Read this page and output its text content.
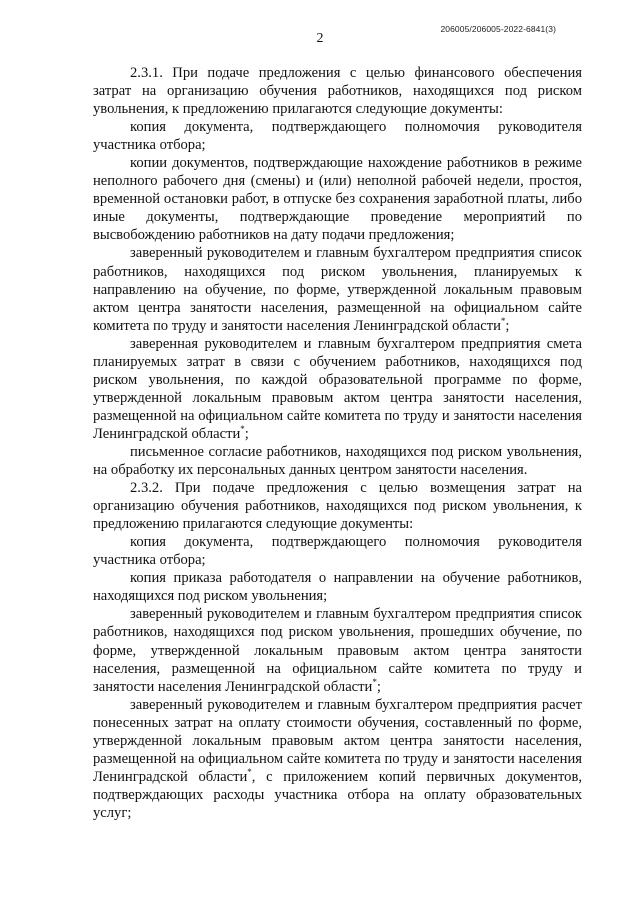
206005/206005-2022-6841(3)
2

2.3.1. При подаче предложения с целью финансового обеспечения затрат на организацию обучения работников, находящихся под риском увольнения, к предложению прилагаются следующие документы:

копия документа, подтверждающего полномочия руководителя участника отбора;

копии документов, подтверждающие нахождение работников в режиме неполного рабочего дня (смены) и (или) неполной рабочей недели, простоя, временной остановки работ, в отпуске без сохранения заработной платы, либо иные документы, подтверждающие проведение мероприятий по высвобождению работников на дату подачи предложения;

заверенный руководителем и главным бухгалтером предприятия список работников, находящихся под риском увольнения, планируемых к направлению на обучение, по форме, утвержденной локальным правовым актом центра занятости населения, размещенной на официальном сайте комитета по труду и занятости населения Ленинградской области*;

заверенная руководителем и главным бухгалтером предприятия смета планируемых затрат в связи с обучением работников, находящихся под риском увольнения, по каждой образовательной программе по форме, утвержденной локальным правовым актом центра занятости населения, размещенной на официальном сайте комитета по труду и занятости населения Ленинградской области*;

письменное согласие работников, находящихся под риском увольнения, на обработку их персональных данных центром занятости населения.

2.3.2. При подаче предложения с целью возмещения затрат на организацию обучения работников, находящихся под риском увольнения, к предложению прилагаются следующие документы:

копия документа, подтверждающего полномочия руководителя участника отбора;

копия приказа работодателя о направлении на обучение работников, находящихся под риском увольнения;

заверенный руководителем и главным бухгалтером предприятия список работников, находящихся под риском увольнения, прошедших обучение, по форме, утвержденной локальным правовым актом центра занятости населения, размещенной на официальном сайте комитета по труду и занятости населения Ленинградской области*;

заверенный руководителем и главным бухгалтером предприятия расчет понесенных затрат на оплату стоимости обучения, составленный по форме, утвержденной локальным правовым актом центра занятости населения, размещенной на официальном сайте комитета по труду и занятости населения Ленинградской области*, с приложением копий первичных документов, подтверждающих расходы участника отбора на оплату образовательных услуг;
